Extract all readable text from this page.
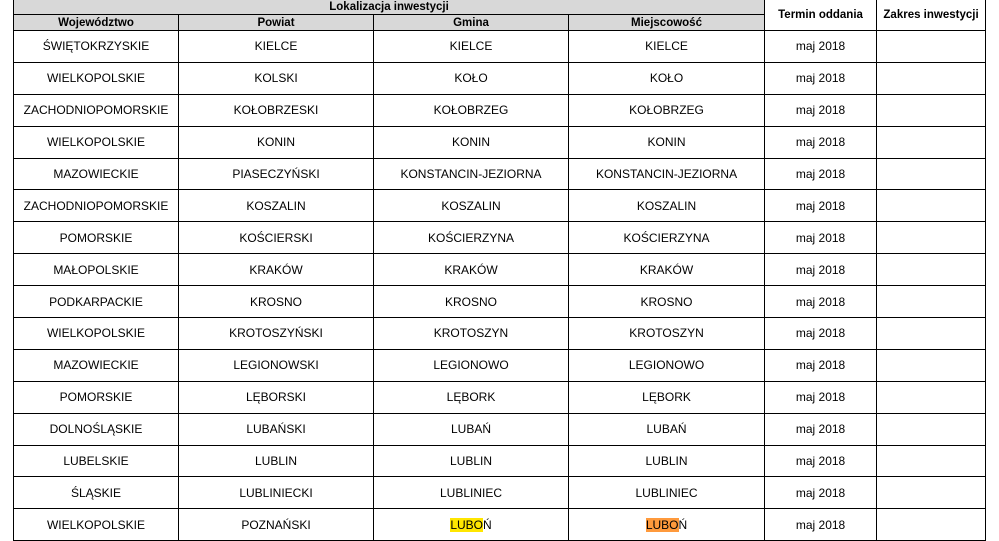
Lokalizacja inwestycji				Termin oddania	Zakres inwestycji
Województwo	Powiat	Gmina	Miejscowość		
ŚWIĘTOKRZYSKIE	KIELCE	KIELCE	KIELCE	maj 2018	
WIELKOPOLSKIE	KOLSKI	KOŁO	KOŁO	maj 2018	
ZACHODNIOPOMORSKIE	KOŁOBRZESKI	KOŁOBRZEG	KOŁOBRZEG	maj 2018	
WIELKOPOLSKIE	KONIN	KONIN	KONIN	maj 2018	
MAZOWIECKIE	PIASECZYŃSKI	KONSTANCIN-JEZIORNA	KONSTANCIN-JEZIORNA	maj 2018	
ZACHODNIOPOMORSKIE	KOSZALIN	KOSZALIN	KOSZALIN	maj 2018	
POMORSKIE	KOŚCIERSKI	KOŚCIERZYNA	KOŚCIERZYNA	maj 2018	
MAŁOPOLSKIE	KRAKÓW	KRAKÓW	KRAKÓW	maj 2018	
PODKARPACKIE	KROSNO	KROSNO	KROSNO	maj 2018	
WIELKOPOLSKIE	KROTOSZYŃSKI	KROTOSZYN	KROTOSZYN	maj 2018	
MAZOWIECKIE	LEGIONOWSKI	LEGIONOWO	LEGIONOWO	maj 2018	
POMORSKIE	LĘBORSKI	LĘBORK	LĘBORK	maj 2018	
DOLNOŚLĄSKIE	LUBAŃSKI	LUBAŃ	LUBAŃ	maj 2018	
LUBELSKIE	LUBLIN	LUBLIN	LUBLIN	maj 2018	
ŚLĄSKIE	LUBLINIECKI	LUBLINIEC	LUBLINIEC	maj 2018	
WIELKOPOLSKIE	POZNAŃSKI	LUBOŃ	LUBOŃ	maj 2018	
